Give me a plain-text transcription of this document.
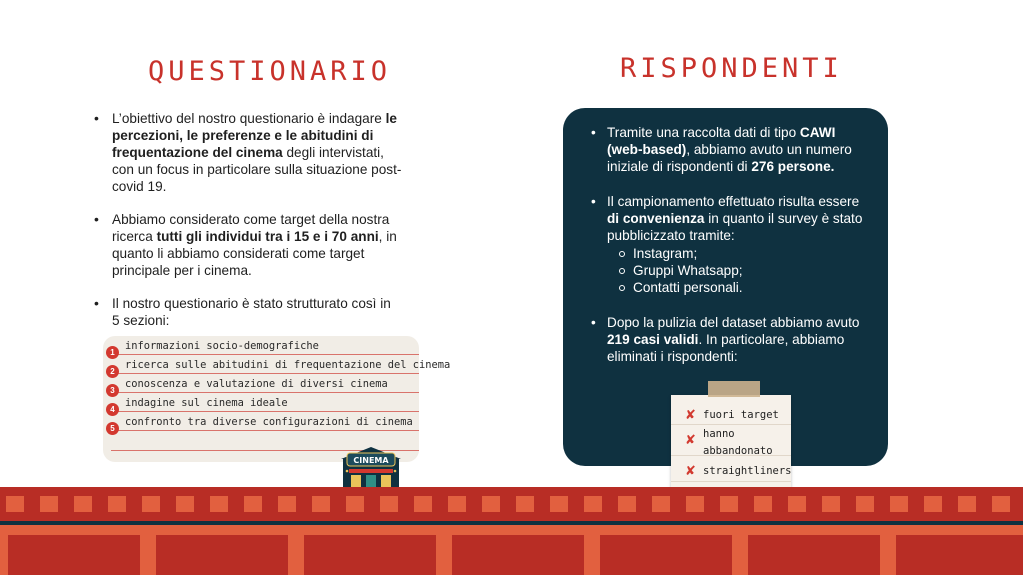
QUESTIONARIO
• L’obiettivo del nostro questionario è indagare le percezioni, le preferenze e le abitudini di frequentazione del cinema degli intervistati, con un focus in particolare sulla situazione post-covid 19.
• Abbiamo considerato come target della nostra ricerca tutti gli individui tra i 15 e i 70 anni, in quanto li abbiamo considerati come target principale per i cinema.
• Il nostro questionario è stato strutturato così in 5 sezioni:
1
informazioni socio-demografiche
2
ricerca sulle abitudini di frequentazione del cinema
3
conoscenza e valutazione di diversi cinema
4
indagine sul cinema ideale
5
confronto tra diverse configurazioni di cinema
CINEMA
RISPONDENTI
• Tramite una raccolta dati di tipo CAWI (web-based), abbiamo avuto un numero iniziale di rispondenti di 276 persone.
• Il campionamento effettuato risulta essere di convenienza in quanto il survey è stato pubblicizzato tramite:
Instagram;
Gruppi Whatsapp;
Contatti personali.
• Dopo la pulizia del dataset abbiamo avuto 219 casi validi. In particolare, abbiamo eliminati i rispondenti:
✘ fuori target
✘ hanno abbandonato
✘ straightliners
